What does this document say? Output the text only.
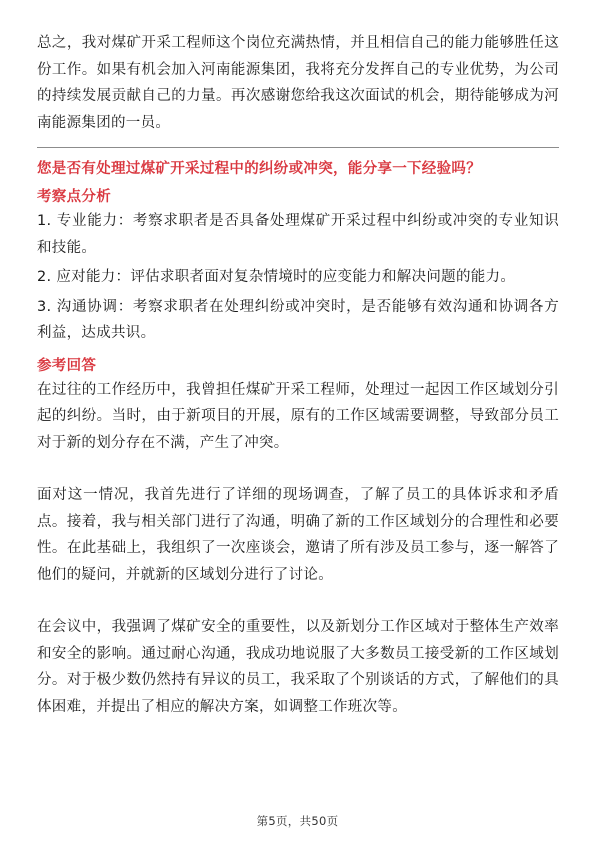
总之，我对煤矿开采工程师这个岗位充满热情，并且相信自己的能力能够胜任这份工作。如果有机会加入河南能源集团，我将充分发挥自己的专业优势，为公司的持续发展贡献自己的力量。再次感谢您给我这次面试的机会，期待能够成为河南能源集团的一员。

您是否有处理过煤矿开采过程中的纠纷或冲突，能分享一下经验吗？

考察点分析

1. 专业能力：考察求职者是否具备处理煤矿开采过程中纠纷或冲突的专业知识和技能。

2. 应对能力：评估求职者面对复杂情境时的应变能力和解决问题的能力。

3. 沟通协调：考察求职者在处理纠纷或冲突时，是否能够有效沟通和协调各方利益，达成共识。

参考回答

在过往的工作经历中，我曾担任煤矿开采工程师，处理过一起因工作区域划分引起的纠纷。当时，由于新项目的开展，原有的工作区域需要调整，导致部分员工对于新的划分存在不满，产生了冲突。

面对这一情况，我首先进行了详细的现场调查，了解了员工的具体诉求和矛盾点。接着，我与相关部门进行了沟通，明确了新的工作区域划分的合理性和必要性。在此基础上，我组织了一次座谈会，邀请了所有涉及员工参与，逐一解答了他们的疑问，并就新的区域划分进行了讨论。

在会议中，我强调了煤矿安全的重要性，以及新划分工作区域对于整体生产效率和安全的影响。通过耐心沟通，我成功地说服了大多数员工接受新的工作区域划分。对于极少数仍然持有异议的员工，我采取了个别谈话的方式，了解他们的具体困难，并提出了相应的解决方案，如调整工作班次等。

第5页，共50页
